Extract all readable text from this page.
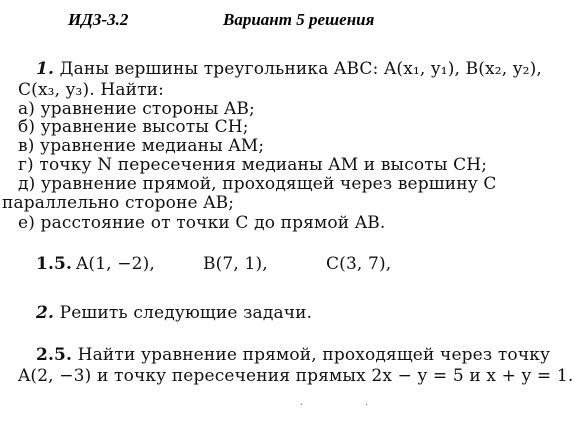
ИДЗ-3.2	Вариант 5 решения
1. Даны вершины треугольника ABC: A(x₁, y₁), B(x₂, y₂),
C(x₃, y₃). Найти:
а) уравнение стороны AB;
б) уравнение высоты CH;
в) уравнение медианы AM;
г) точку N пересечения медианы AM и высоты CH;
д) уравнение прямой, проходящей через вершину C
параллельно стороне AB;
е) расстояние от точки C до прямой AB.
1.5. A(1, −2),	B(7, 1),	C(3, 7),
2. Решить следующие задачи.
2.5. Найти уравнение прямой, проходящей через точку
A(2, −3) и точку пересечения прямых 2x − y = 5 и x + y = 1.
·	·
